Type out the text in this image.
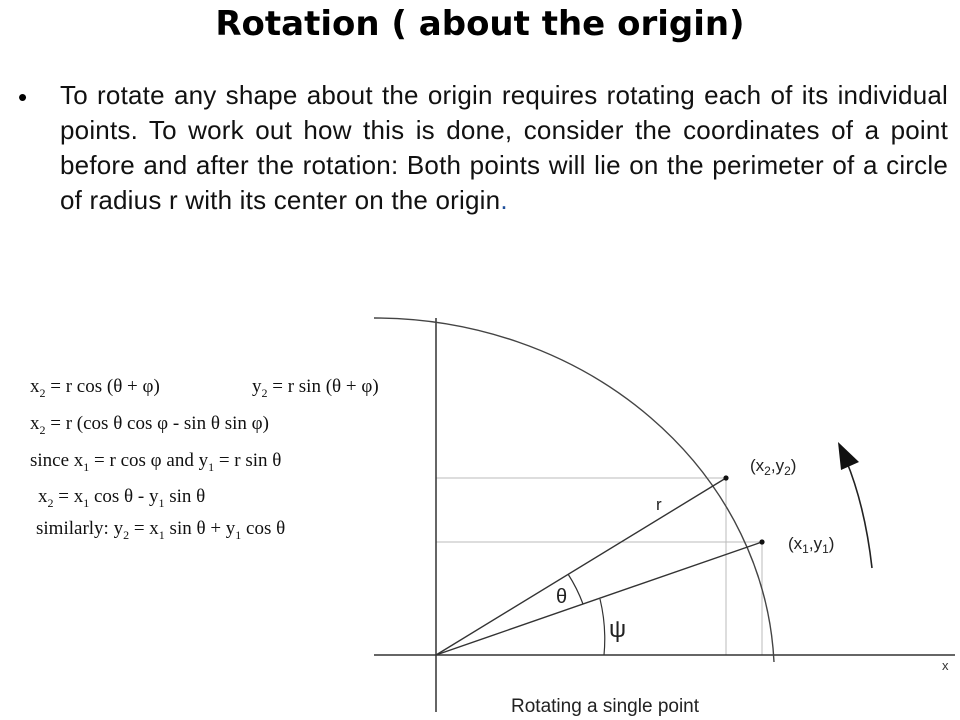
Rotation ( about the origin)
• To rotate any shape about the origin requires rotating each of its individual points. To work out how this is done, consider the coordinates of a point before and after the rotation: Both points will lie on the perimeter of a circle of radius r with its center on the origin.
$x_2 = r$ cos (θ + φ)	$y_2 = r$ sin (θ + φ)
$x_2 = r$ (cos θ cos φ - sin θ sin φ)
since $x_1 = r$ cos φ and $y_1 = r$ sin θ
$x_2 = x_1$ cos θ - $y_1$ sin θ
similarly: $y_2 = x_1$ $\sin \theta + y_1$ cos θ
x
r
θ
ψ
$(x_2,y_2)$
$(x_1,y_1)$
Rotating a single point
